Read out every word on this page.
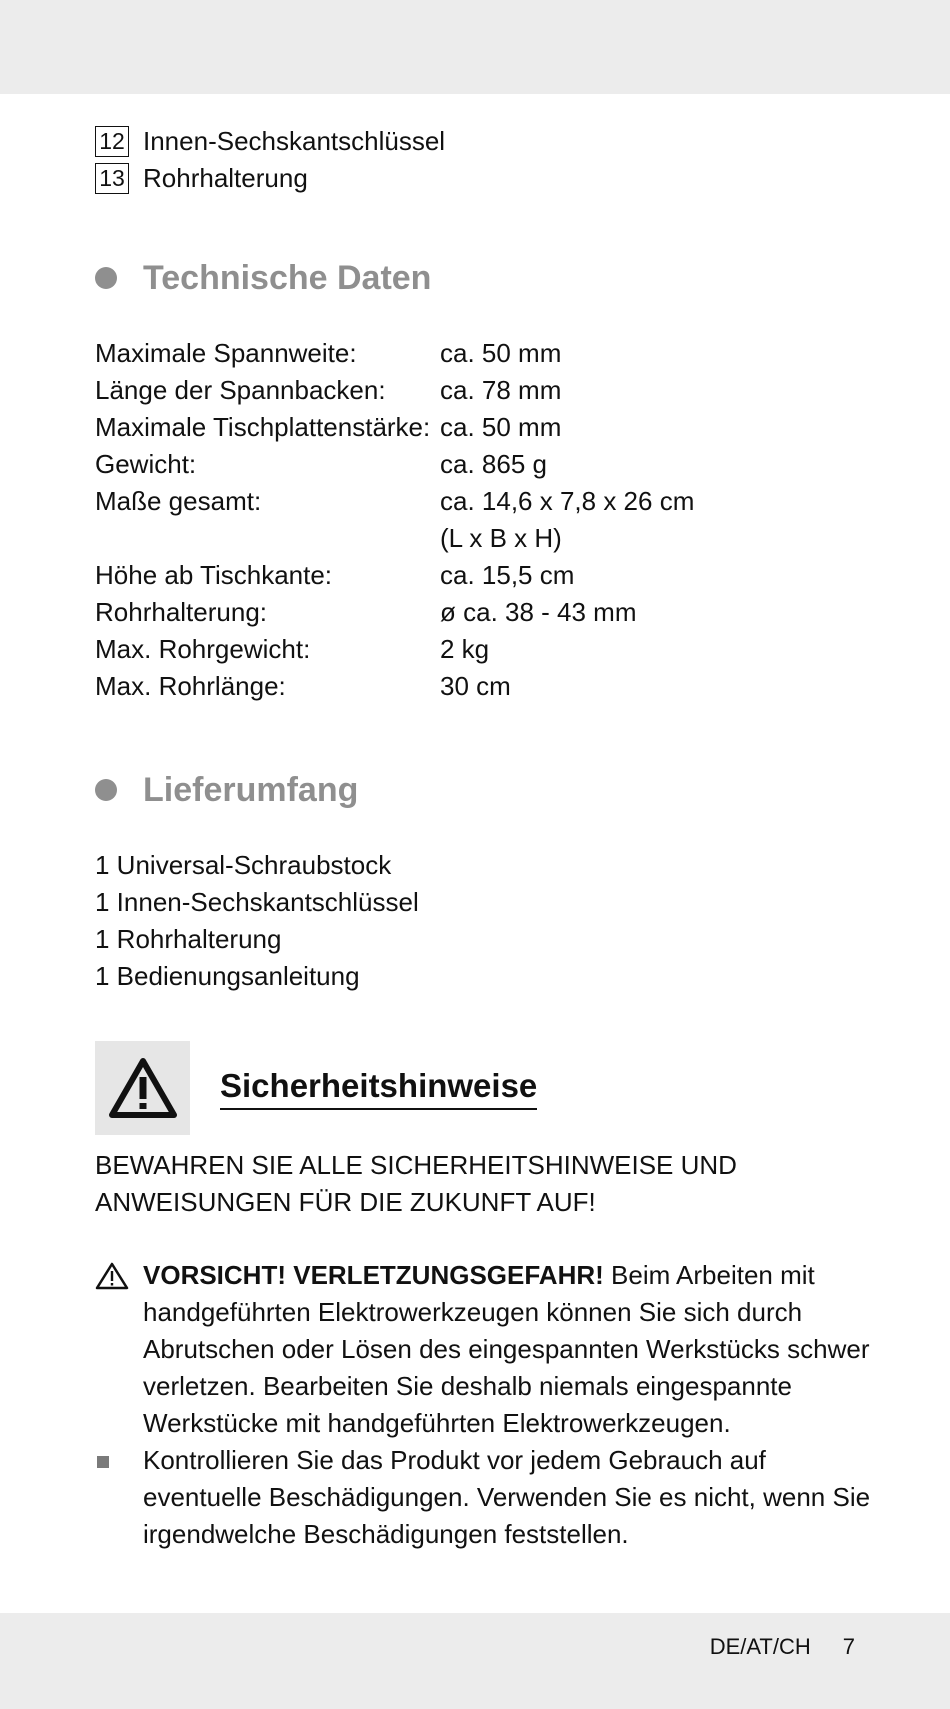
12 Innen-Sechskantschlüssel
13 Rohrhalterung
Technische Daten
Maximale Spannweite:	ca. 50 mm
Länge der Spannbacken:	ca. 78 mm
Maximale Tischplattenstärke: ca. 50 mm
Gewicht:	ca. 865 g
Maße gesamt:	ca. 14,6 x 7,8 x 26 cm
(L x B x H)
Höhe ab Tischkante:	ca. 15,5 cm
Rohrhalterung:	ø ca. 38 - 43 mm
Max. Rohrgewicht:	2 kg
Max. Rohrlänge:	30 cm
Lieferumfang
1 Universal-Schraubstock
1 Innen-Sechskantschlüssel
1 Rohrhalterung
1 Bedienungsanleitung
Sicherheitshinweise
BEWAHREN SIE ALLE SICHERHEITSHINWEISE UND
ANWEISUNGEN FÜR DIE ZUKUNFT AUF!
VORSICHT! VERLETZUNGSGEFAHR! Beim Arbeiten mit handgeführten Elektrowerkzeugen können Sie sich durch Abrutschen oder Lösen des eingespannten Werkstücks schwer verletzen. Bearbeiten Sie deshalb niemals eingespannte Werkstücke mit handgeführten Elektrowerkzeugen.
Kontrollieren Sie das Produkt vor jedem Gebrauch auf eventuelle Beschädigungen. Verwenden Sie es nicht, wenn Sie irgendwelche Beschädigungen feststellen.
DE/AT/CH 7
